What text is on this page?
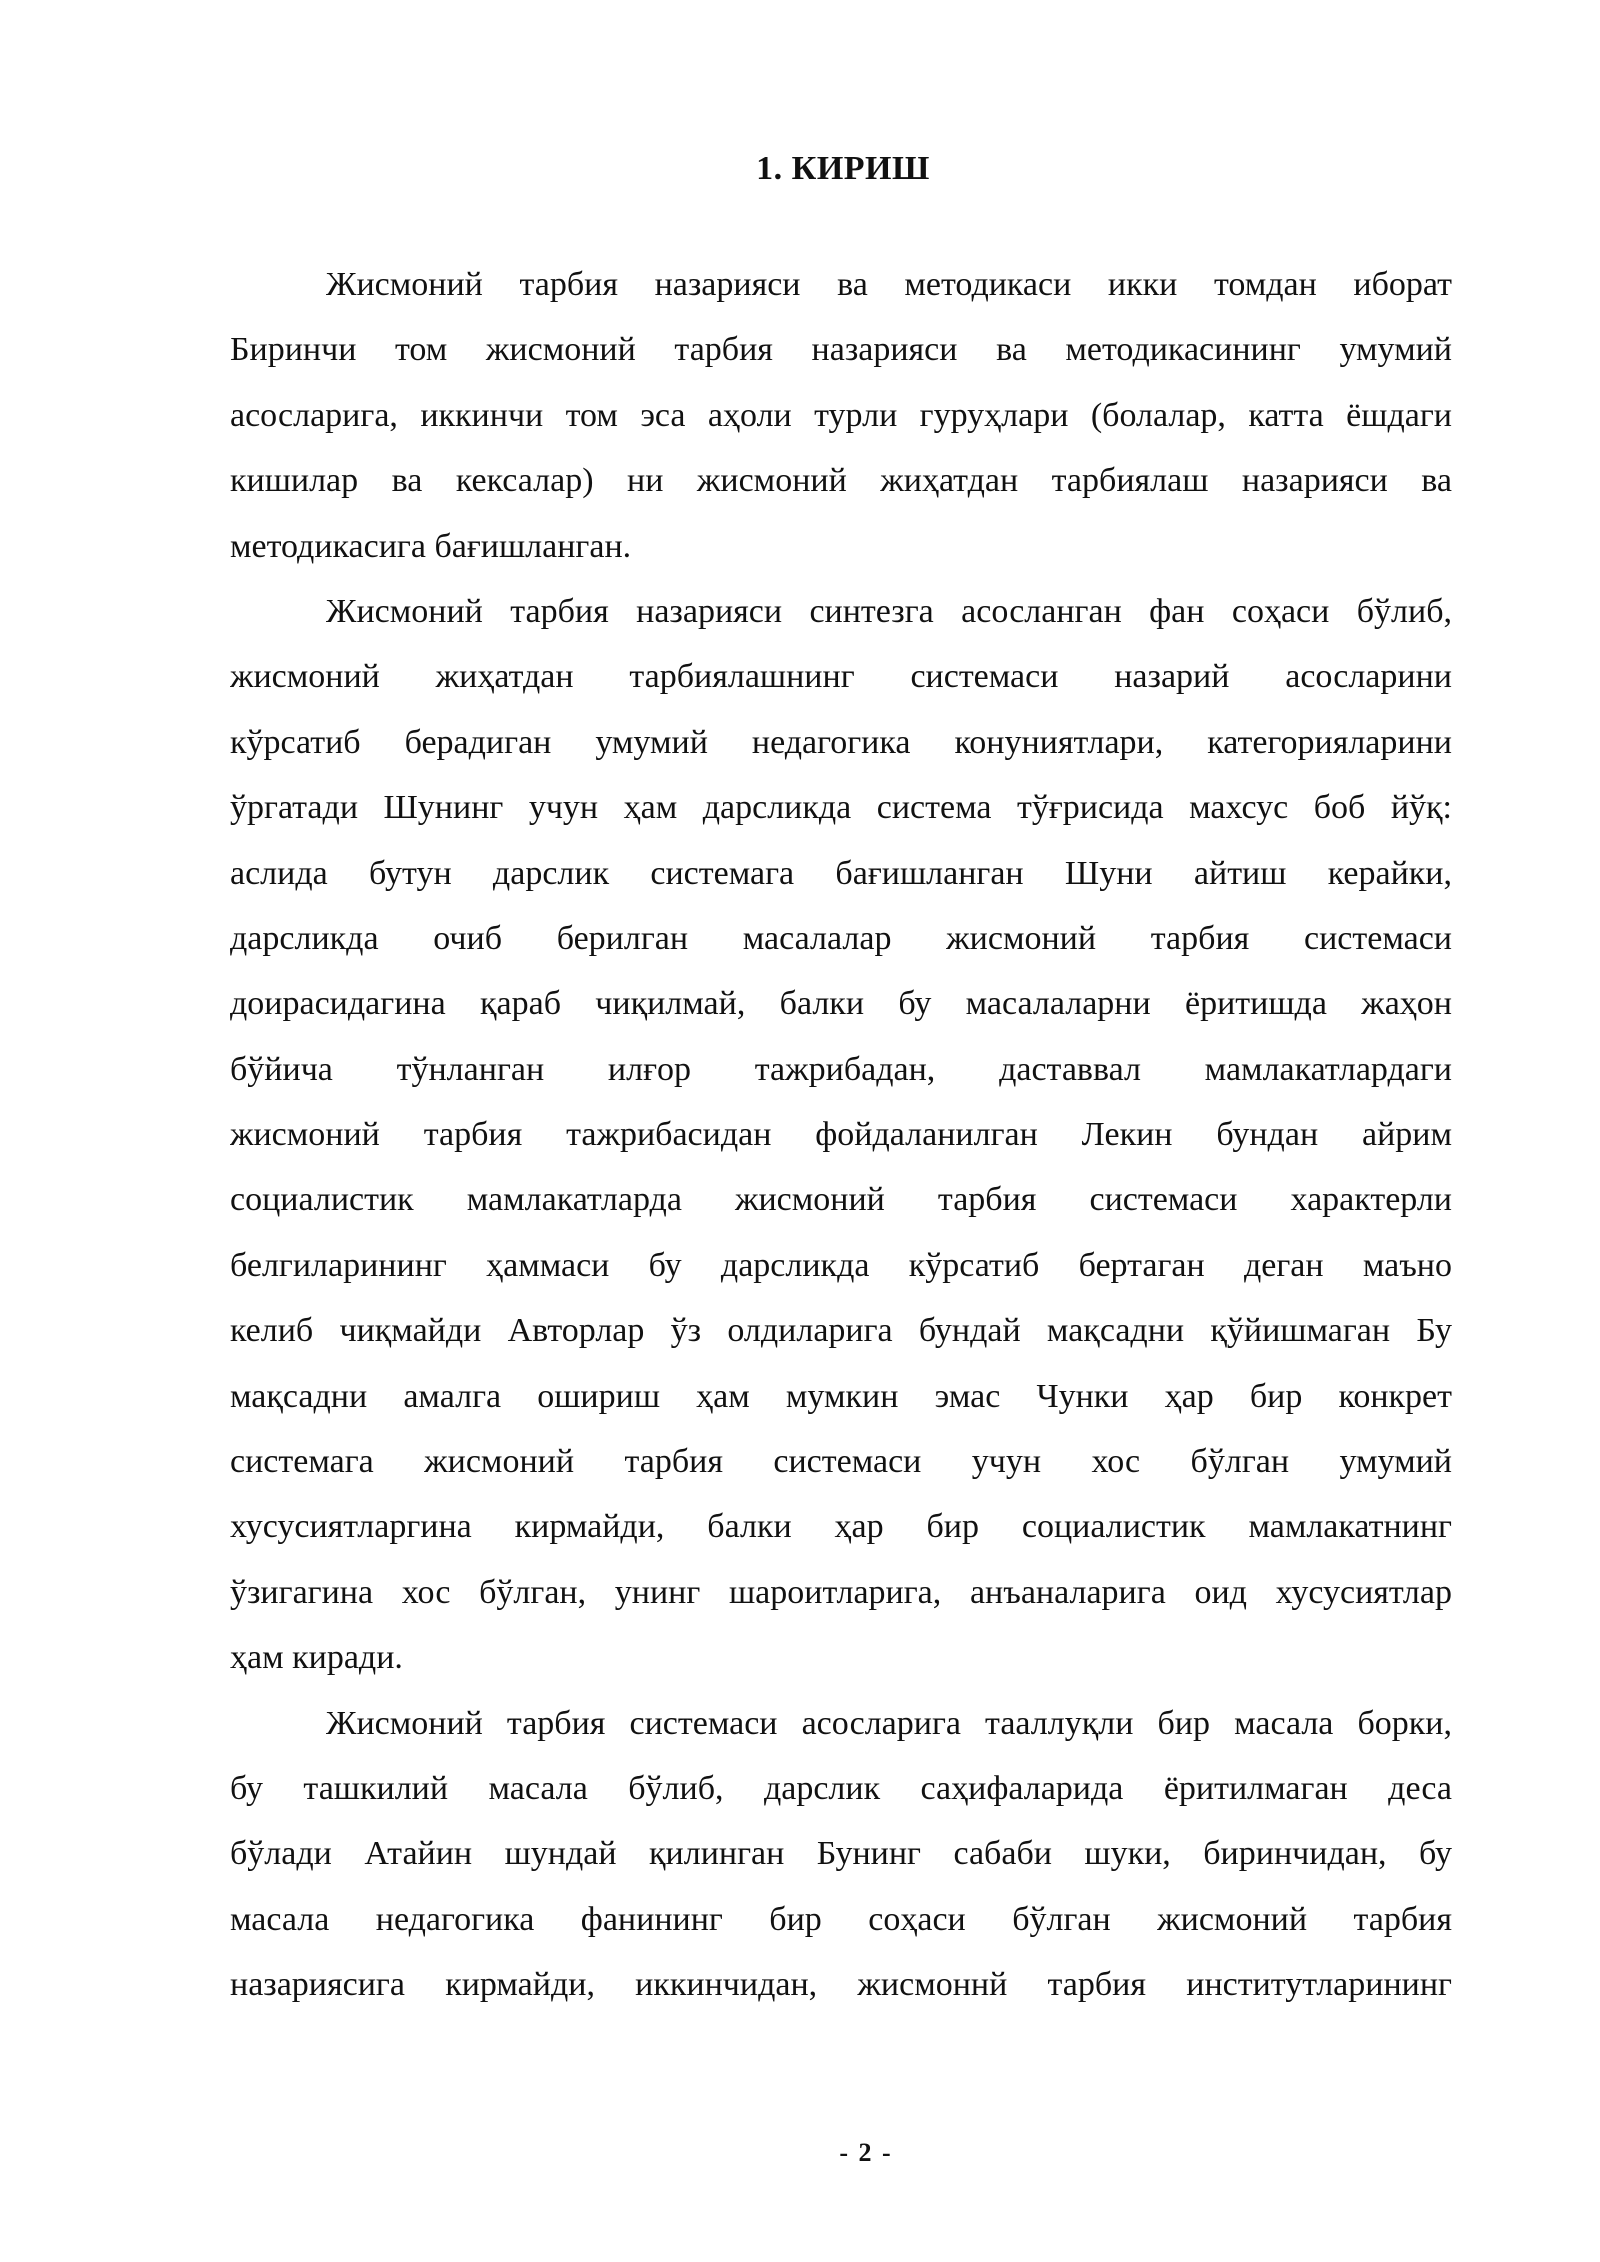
1. КИРИШ
Жисмоний тарбия назарияси ва методикаси икки томдан иборат
Биринчи том жисмоний тарбия назарияси ва методикасининг умумий
асосларига, иккинчи том эса аҳоли турли гуруҳлари (болалар, катта ёшдаги
кишилар ва кексалар) ни жисмоний жиҳатдан тарбиялаш назарияси ва
методикасига бағишланган.
Жисмоний тарбия назарияси синтезга асосланган фан соҳаси бўлиб,
жисмоний жиҳатдан тарбиялашнинг системаси назарий асосларини
кўрсатиб берадиган умумий недагогика конуниятлари, категорияларини
ўргатади Шунинг учун ҳам дарсликда система тўғрисида махсус боб йўқ:
аслида бутун дарслик системага бағишланган Шуни айтиш керайки,
дарсликда очиб берилган масалалар жисмоний тарбия системаси
доирасидагина қараб чиқилмай, балки бу масалаларни ёритишда жаҳон
бўйича тўнланган илғор тажрибадан, даставвал мамлакатлардаги
жисмоний тарбия тажрибасидан фойдаланилган Лекин бундан айрим
социалистик мамлакатларда жисмоний тарбия системаси характерли
белгиларининг ҳаммаси бу дарсликда кўрсатиб бертаган деган маъно
келиб чиқмайди Авторлар ўз олдиларига бундай мақсадни қўйишмаган Бу
мақсадни амалга ошириш ҳам мумкин эмас Чунки ҳар бир конкрет
системага жисмоний тарбия системаси учун хос бўлган умумий
хусусиятларгина кирмайди, балки ҳар бир социалистик мамлакатнинг
ўзигагина хос бўлган, унинг шароитларига, анъаналарига оид хусусиятлар
ҳам киради.
Жисмоний тарбия системаси асосларига тааллуқли бир масала борки,
бу ташкилий масала бўлиб, дарслик саҳифаларида ёритилмаган деса
бўлади Атайин шундай қилинган Бунинг сабаби шуки, биринчидан, бу
масала недагогика фанининг бир соҳаси бўлган жисмоний тарбия
назариясига кирмайди, иккинчидан, жисмоннй тарбия институтларининг
- 2 -
